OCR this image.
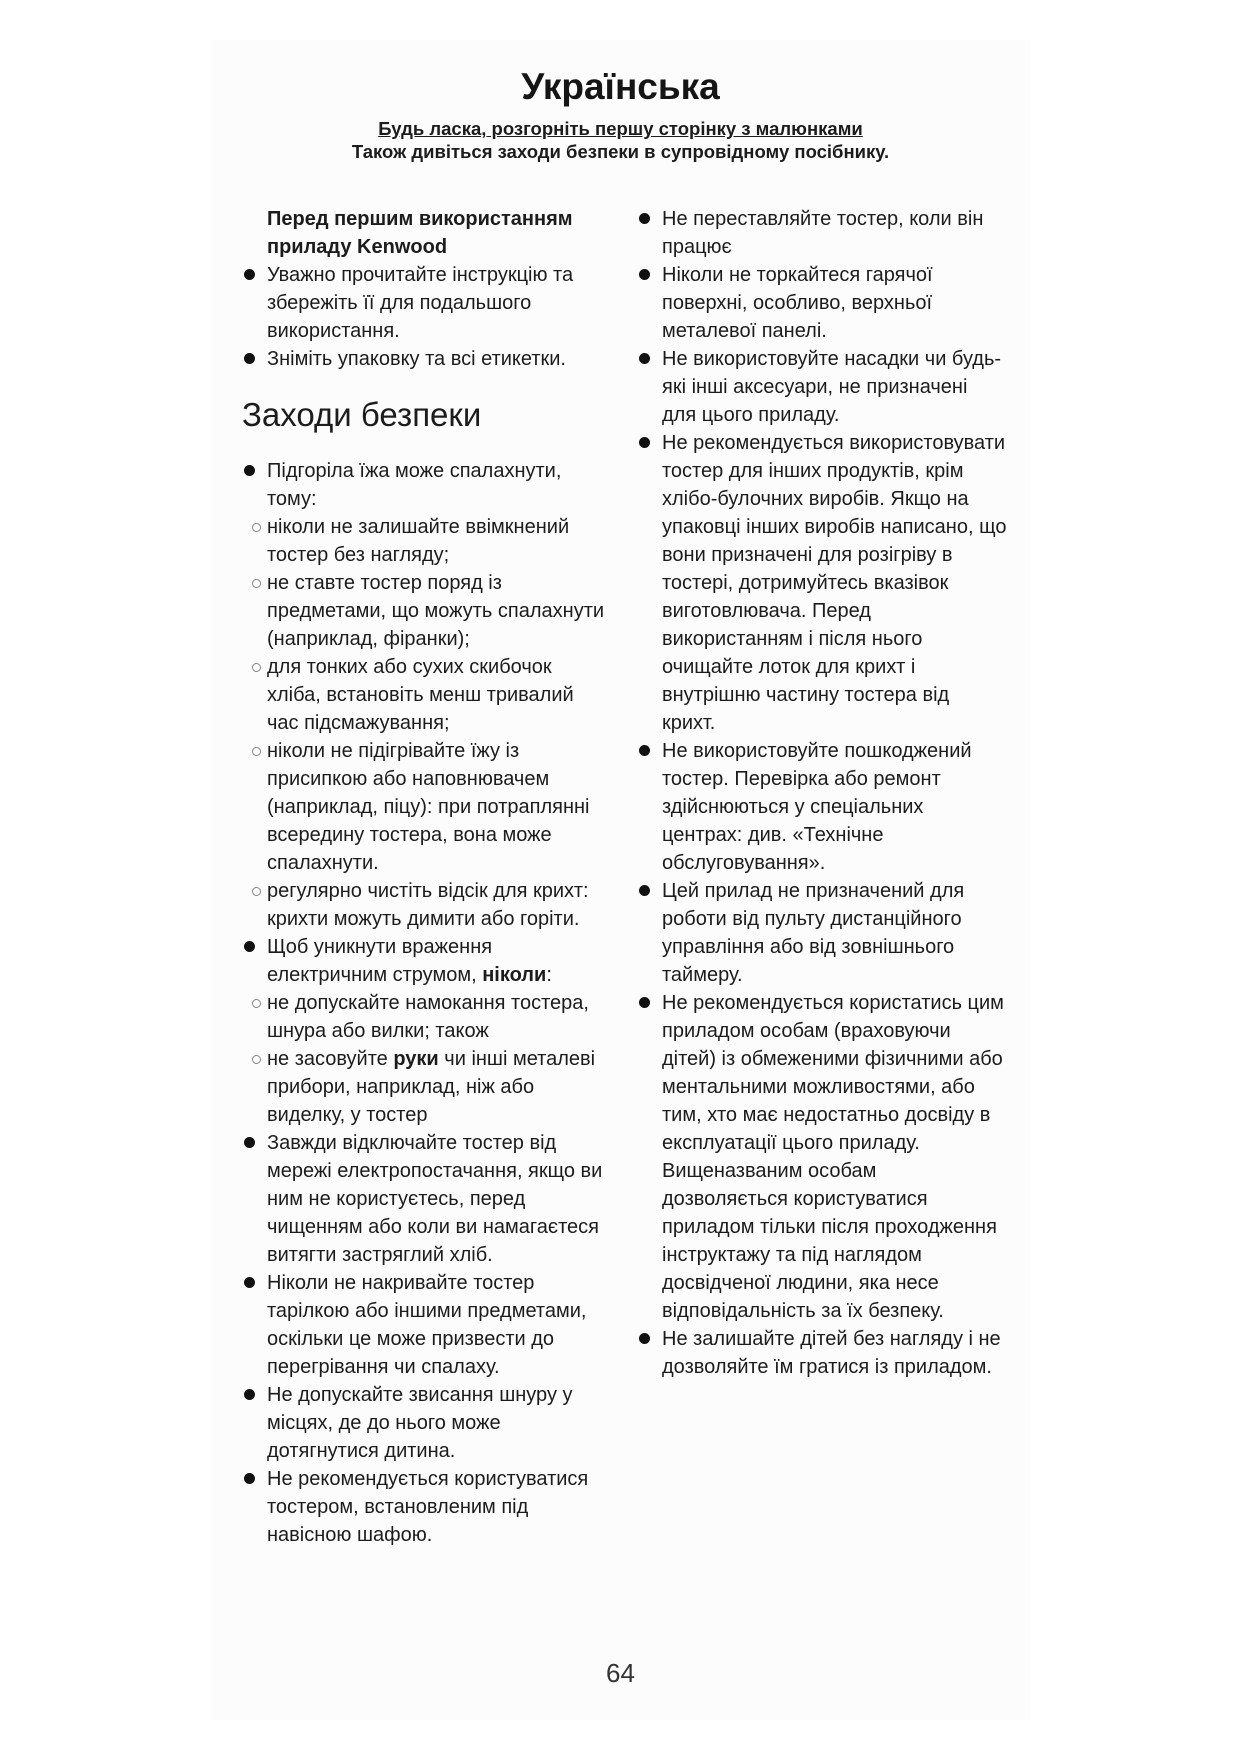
Українська
Будь ласка, розгорніть першу сторінку з малюнками
Також дивіться заходи безпеки в супровідному посібнику.

Перед першим використанням приладу Kenwood

Уважно прочитайте інструкцію та збережіть її для подальшого використання.
Зніміть упаковку та всі етикетки.
Заходи безпеки
Підгоріла їжа може спалахнути, тому:
ніколи не залишайте ввімкнений тостер без нагляду;
не ставте тостер поряд із предметами, що можуть спалахнути (наприклад, фіранки);
для тонких або сухих скибочок хліба, встановіть менш тривалий час підсмажування;
ніколи не підігрівайте їжу із присипкою або наповнювачем (наприклад, піцу): при потраплянні всередину тостера, вона може спалахнути.
регулярно чистіть відсік для крихт: крихти можуть димити або горіти.
Щоб уникнути враження електричним струмом, ніколи:
не допускайте намокання тостера, шнура або вилки; також
не засовуйте руки чи інші металеві прибори, наприклад, ніж або виделку, у тостер
Завжди відключайте тостер від мережі електропостачання, якщо ви ним не користуєтесь, перед чищенням або коли ви намагаєтеся витягти застряглий хліб.
Ніколи не накривайте тостер тарілкою або іншими предметами, оскільки це може призвести до перегрівання чи спалаху.
Не допускайте звисання шнуру у місцях, де до нього може дотягнутися дитина.
Не рекомендується користуватися тостером, встановленим під навісною шафою.
Не переставляйте тостер, коли він працює
Ніколи не торкайтеся гарячої поверхні, особливо, верхньої металевої панелі.
Не використовуйте насадки чи будь-які інші аксесуари, не призначені для цього приладу.
Не рекомендується використовувати тостер для інших продуктів, крім хлібо-булочних виробів. Якщо на упаковці інших виробів написано, що вони призначені для розігріву в тостері, дотримуйтесь вказівок виготовлювача. Перед використанням і після нього очищайте лоток для крихт і внутрішню частину тостера від крихт.
Не використовуйте пошкоджений тостер. Перевірка або ремонт здійснюються у спеціальних центрах: див. «Технічне обслуговування».
Цей прилад не призначений для роботи від пульту дистанційного управління або від зовнішнього таймеру.
Не рекомендується користатись цим приладом особам (враховуючи дітей) із обмеженими фізичними або ментальними можливостями, або тим, хто має недостатньо досвіду в експлуатації цього приладу. Вищеназваним особам дозволяється користуватися приладом тільки після проходження інструктажу та під наглядом досвідченої людини, яка несе відповідальність за їх безпеку.
Не залишайте дітей без нагляду і не дозволяйте їм гратися із приладом.
64
